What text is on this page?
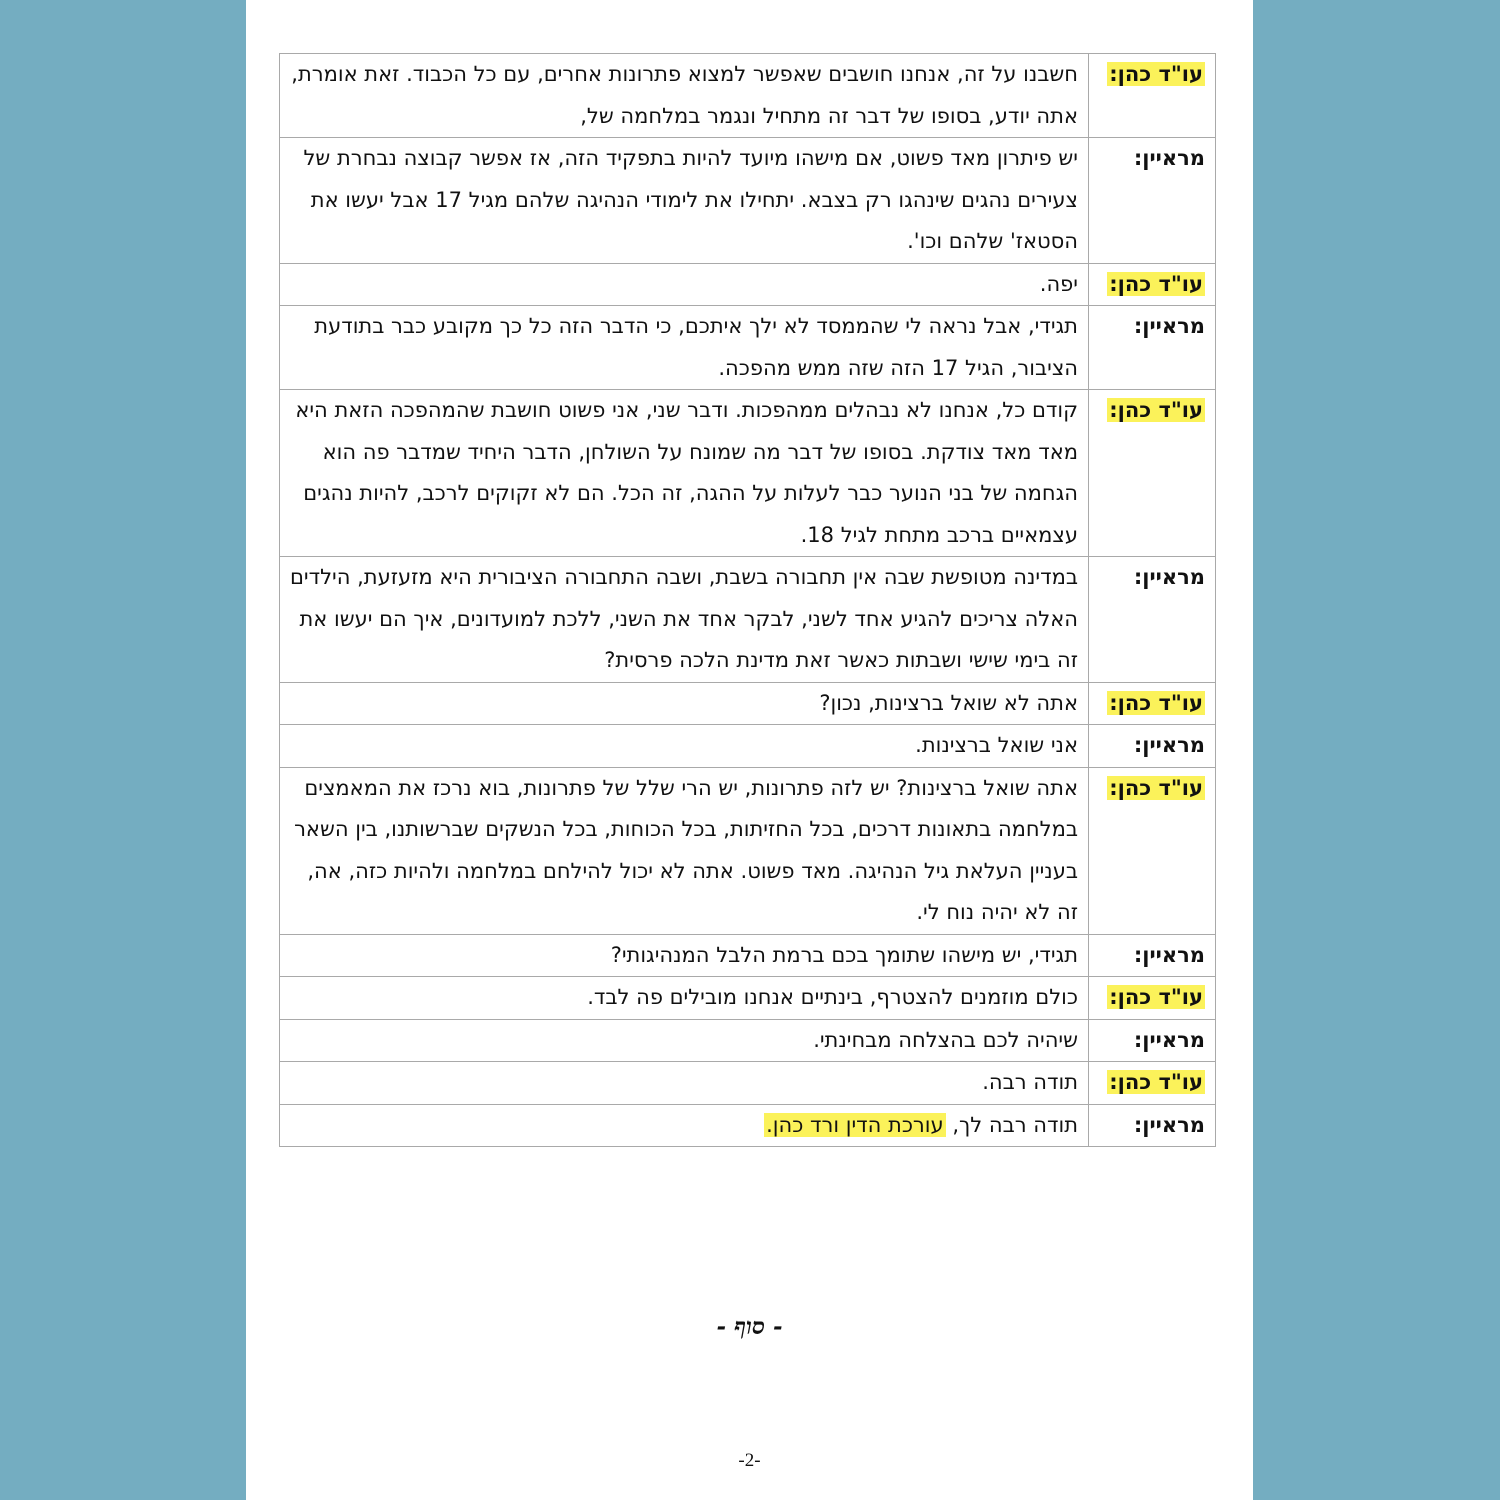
עו"ד כהן:	חשבנו על זה, אנחנו חושבים שאפשר למצוא פתרונות אחרים, עם כל הכבוד. זאת אומרת, אתה יודע, בסופו של דבר זה מתחיל ונגמר במלחמה של,
מראיין:	יש פיתרון מאד פשוט, אם מישהו מיועד להיות בתפקיד הזה, אז אפשר קבוצה נבחרת של צעירים נהגים שינהגו רק בצבא. יתחילו את לימודי הנהיגה שלהם מגיל 17 אבל יעשו את הסטאז' שלהם וכו'.
עו"ד כהן:	יפה.
מראיין:	תגידי, אבל נראה לי שהממסד לא ילך איתכם, כי הדבר הזה כל כך מקובע כבר בתודעת הציבור, הגיל 17 הזה שזה ממש מהפכה.
עו"ד כהן:	קודם כל, אנחנו לא נבהלים ממהפכות. ודבר שני, אני פשוט חושבת שהמהפכה הזאת היא מאד מאד צודקת. בסופו של דבר מה שמונח על השולחן, הדבר היחיד שמדבר פה הוא הגחמה של בני הנוער כבר לעלות על ההגה, זה הכל. הם לא זקוקים לרכב, להיות נהגים עצמאיים ברכב מתחת לגיל 18.
מראיין:	במדינה מטופשת שבה אין תחבורה בשבת, ושבה התחבורה הציבורית היא מזעזעת, הילדים האלה צריכים להגיע אחד לשני, לבקר אחד את השני, ללכת למועדונים, איך הם יעשו את זה בימי שישי ושבתות כאשר זאת מדינת הלכה פרסית?
עו"ד כהן:	אתה לא שואל ברצינות, נכון?
מראיין:	אני שואל ברצינות.
עו"ד כהן:	אתה שואל ברצינות? יש לזה פתרונות, יש הרי שלל של פתרונות, בוא נרכז את המאמצים במלחמה בתאונות דרכים, בכל החזיתות, בכל הכוחות, בכל הנשקים שברשותנו, בין השאר בעניין העלאת גיל הנהיגה. מאד פשוט. אתה לא יכול להילחם במלחמה ולהיות כזה, אה, זה לא יהיה נוח לי.
מראיין:	תגידי, יש מישהו שתומך בכם ברמת הלבל המנהיגותי?
עו"ד כהן:	כולם מוזמנים להצטרף, בינתיים אנחנו מובילים פה לבד.
מראיין:	שיהיה לכם בהצלחה מבחינתי.
עו"ד כהן:	תודה רבה.
מראיין:	תודה רבה לך, עורכת הדין ורד כהן.
- סוף -
-2-
